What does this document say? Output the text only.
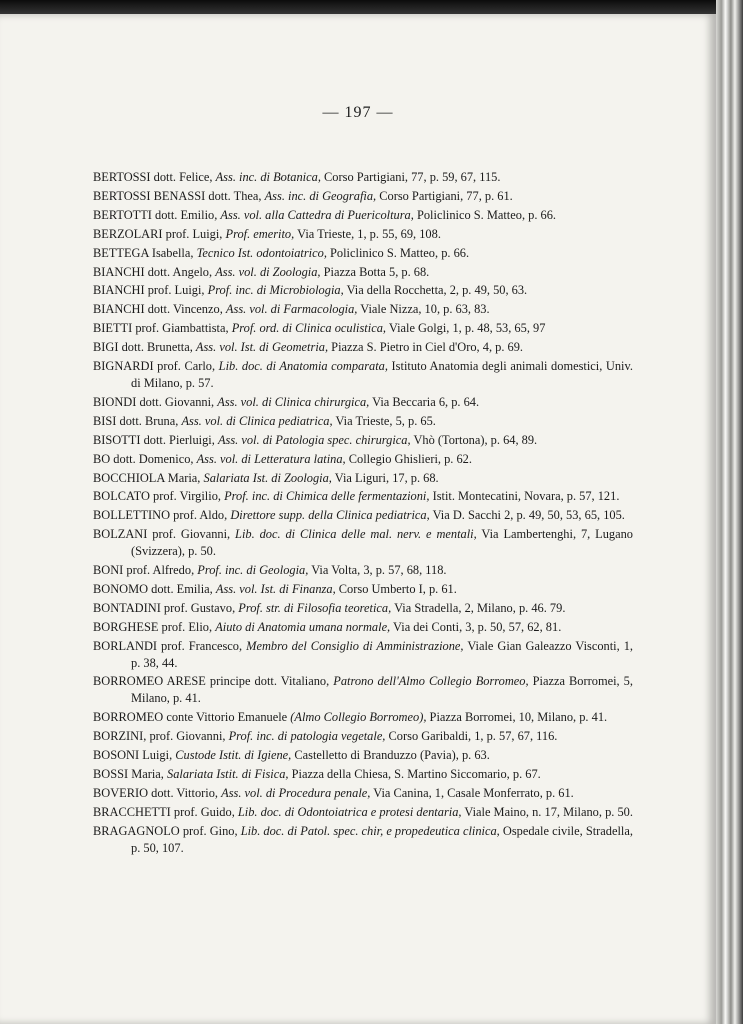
— 197 —

BERTOSSI dott. Felice, Ass. inc. di Botanica, Corso Partigiani, 77, p. 59, 67, 115.

BERTOSSI BENASSI dott. Thea, Ass. inc. di Geografia, Corso Partigiani, 77, p. 61.

BERTOTTI dott. Emilio, Ass. vol. alla Cattedra di Puericoltura, Policlinico S. Matteo, p. 66.

BERZOLARI prof. Luigi, Prof. emerito, Via Trieste, 1, p. 55, 69, 108.

BETTEGA Isabella, Tecnico Ist. odontoiatrico, Policlinico S. Matteo, p. 66.

BIANCHI dott. Angelo, Ass. vol. di Zoologia, Piazza Botta 5, p. 68.

BIANCHI prof. Luigi, Prof. inc. di Microbiologia, Via della Rocchetta, 2, p. 49, 50, 63.

BIANCHI dott. Vincenzo, Ass. vol. di Farmacologia, Viale Nizza, 10, p. 63, 83.

BIETTI prof. Giambattista, Prof. ord. di Clinica oculistica, Viale Golgi, 1, p. 48, 53, 65, 97

BIGI dott. Brunetta, Ass. vol. Ist. di Geometria, Piazza S. Pietro in Ciel d'Oro, 4, p. 69.

BIGNARDI prof. Carlo, Lib. doc. di Anatomia comparata, Istituto Anatomia degli animali domestici, Univ. di Milano, p. 57.

BIONDI dott. Giovanni, Ass. vol. di Clinica chirurgica, Via Beccaria 6, p. 64.

BISI dott. Bruna, Ass. vol. di Clinica pediatrica, Via Trieste, 5, p. 65.

BISOTTI dott. Pierluigi, Ass. vol. di Patologia spec. chirurgica, Vhò (Tortona), p. 64, 89.

BO dott. Domenico, Ass. vol. di Letteratura latina, Collegio Ghislieri, p. 62.

BOCCHIOLA Maria, Salariata Ist. di Zoologia, Via Liguri, 17, p. 68.

BOLCATO prof. Virgilio, Prof. inc. di Chimica delle fermentazioni, Istit. Montecatini, Novara, p. 57, 121.

BOLLETTINO prof. Aldo, Direttore supp. della Clinica pediatrica, Via D. Sacchi 2, p. 49, 50, 53, 65, 105.

BOLZANI prof. Giovanni, Lib. doc. di Clinica delle mal. nerv. e mentali, Via Lambertenghi, 7, Lugano (Svizzera), p. 50.

BONI prof. Alfredo, Prof. inc. di Geologia, Via Volta, 3, p. 57, 68, 118.

BONOMO dott. Emilia, Ass. vol. Ist. di Finanza, Corso Umberto I, p. 61.

BONTADINI prof. Gustavo, Prof. str. di Filosofia teoretica, Via Stradella, 2, Milano, p. 46. 79.

BORGHESE prof. Elio, Aiuto di Anatomia umana normale, Via dei Conti, 3, p. 50, 57, 62, 81.

BORLANDI prof. Francesco, Membro del Consiglio di Amministrazione, Viale Gian Galeazzo Visconti, 1, p. 38, 44.

BORROMEO ARESE principe dott. Vitaliano, Patrono dell'Almo Collegio Borromeo, Piazza Borromei, 5, Milano, p. 41.

BORROMEO conte Vittorio Emanuele (Almo Collegio Borromeo), Piazza Borromei, 10, Milano, p. 41.

BORZINI, prof. Giovanni, Prof. inc. di patologia vegetale, Corso Garibaldi, 1, p. 57, 67, 116.

BOSONI Luigi, Custode Istit. di Igiene, Castelletto di Branduzzo (Pavia), p. 63.

BOSSI Maria, Salariata Istit. di Fisica, Piazza della Chiesa, S. Martino Siccomario, p. 67.

BOVERIO dott. Vittorio, Ass. vol. di Procedura penale, Via Canina, 1, Casale Monferrato, p. 61.

BRACCHETTI prof. Guido, Lib. doc. di Odontoiatrica e protesi dentaria, Viale Maino, n. 17, Milano, p. 50.

BRAGAGNOLO prof. Gino, Lib. doc. di Patol. spec. chir, e propedeutica clinica, Ospedale civile, Stradella, p. 50, 107.
